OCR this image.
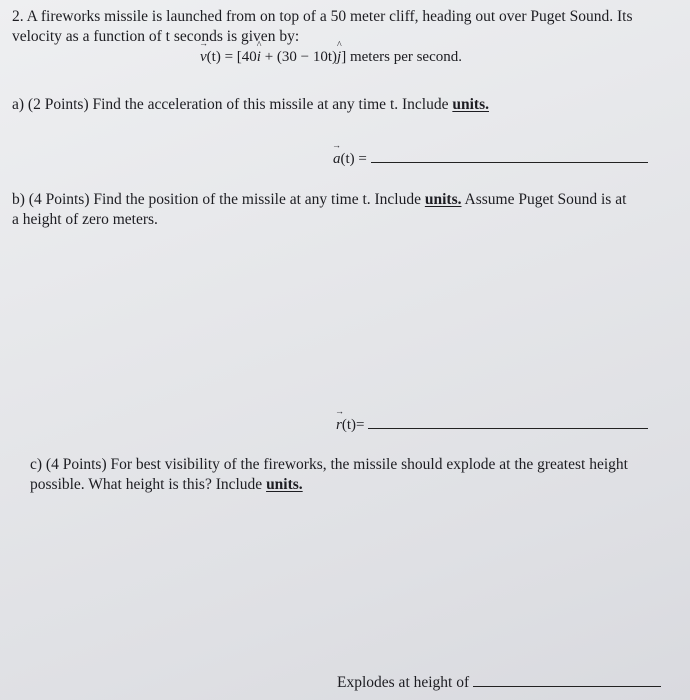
2. A fireworks missile is launched from on top of a 50 meter cliff, heading out over Puget Sound. Its
velocity as a function of t seconds is given by:
→ v(t) = [40^ i + (30 − 10t)^ j] meters per second.
a) (2 Points) Find the acceleration of this missile at any time t. Include units.
→ a(t) =
b) (4 Points) Find the position of the missile at any time t. Include units. Assume Puget Sound is at
a height of zero meters.
→ r(t)=
c) (4 Points) For best visibility of the fireworks, the missile should explode at the greatest height
possible. What height is this? Include units.
Explodes at height of
